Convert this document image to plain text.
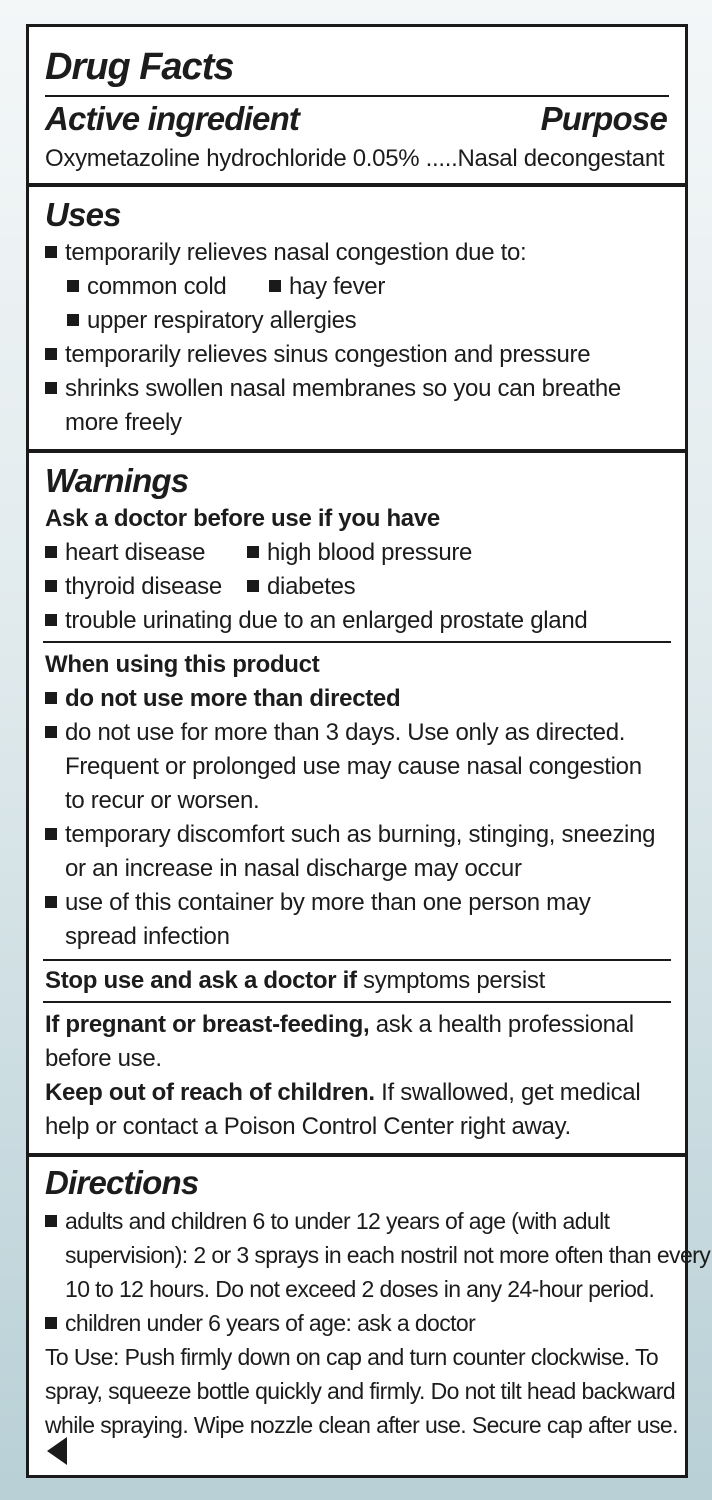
Drug Facts
Active ingredient	Purpose
Oxymetazoline hydrochloride 0.05% .....Nasal decongestant
Uses
temporarily relieves nasal congestion due to:
common cold	hay fever
upper respiratory allergies
temporarily relieves sinus congestion and pressure
shrinks swollen nasal membranes so you can breathe
more freely
Warnings
Ask a doctor before use if you have
heart disease	high blood pressure
thyroid disease	diabetes
trouble urinating due to an enlarged prostate gland
When using this product
do not use more than directed
do not use for more than 3 days. Use only as directed.
Frequent or prolonged use may cause nasal congestion
to recur or worsen.
temporary discomfort such as burning, stinging, sneezing
or an increase in nasal discharge may occur
use of this container by more than one person may
spread infection
Stop use and ask a doctor if symptoms persist
If pregnant or breast-feeding, ask a health professional
before use.
Keep out of reach of children. If swallowed, get medical
help or contact a Poison Control Center right away.
Directions
adults and children 6 to under 12 years of age (with adult
supervision): 2 or 3 sprays in each nostril not more often than every
10 to 12 hours. Do not exceed 2 doses in any 24-hour period.
children under 6 years of age: ask a doctor
To Use: Push firmly down on cap and turn counter clockwise. To
spray, squeeze bottle quickly and firmly. Do not tilt head backward
while spraying. Wipe nozzle clean after use. Secure cap after use.
